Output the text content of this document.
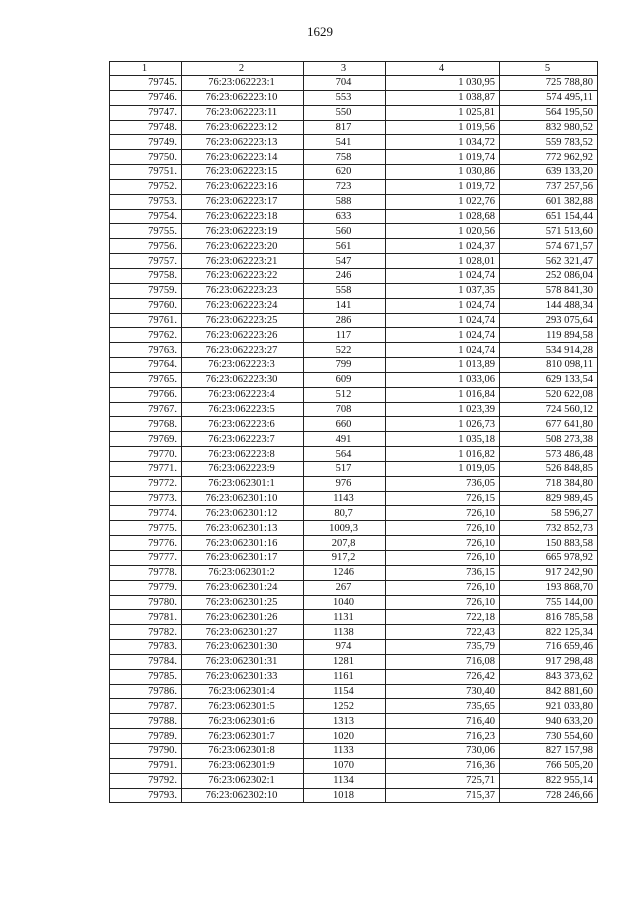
1629
1	2	3	4	5
79745.	76:23:062223:1	704	1 030,95	725 788,80
79746.	76:23:062223:10	553	1 038,87	574 495,11
79747.	76:23:062223:11	550	1 025,81	564 195,50
79748.	76:23:062223:12	817	1 019,56	832 980,52
79749.	76:23:062223:13	541	1 034,72	559 783,52
79750.	76:23:062223:14	758	1 019,74	772 962,92
79751.	76:23:062223:15	620	1 030,86	639 133,20
79752.	76:23:062223:16	723	1 019,72	737 257,56
79753.	76:23:062223:17	588	1 022,76	601 382,88
79754.	76:23:062223:18	633	1 028,68	651 154,44
79755.	76:23:062223:19	560	1 020,56	571 513,60
79756.	76:23:062223:20	561	1 024,37	574 671,57
79757.	76:23:062223:21	547	1 028,01	562 321,47
79758.	76:23:062223:22	246	1 024,74	252 086,04
79759.	76:23:062223:23	558	1 037,35	578 841,30
79760.	76:23:062223:24	141	1 024,74	144 488,34
79761.	76:23:062223:25	286	1 024,74	293 075,64
79762.	76:23:062223:26	117	1 024,74	119 894,58
79763.	76:23:062223:27	522	1 024,74	534 914,28
79764.	76:23:062223:3	799	1 013,89	810 098,11
79765.	76:23:062223:30	609	1 033,06	629 133,54
79766.	76:23:062223:4	512	1 016,84	520 622,08
79767.	76:23:062223:5	708	1 023,39	724 560,12
79768.	76:23:062223:6	660	1 026,73	677 641,80
79769.	76:23:062223:7	491	1 035,18	508 273,38
79770.	76:23:062223:8	564	1 016,82	573 486,48
79771.	76:23:062223:9	517	1 019,05	526 848,85
79772.	76:23:062301:1	976	736,05	718 384,80
79773.	76:23:062301:10	1143	726,15	829 989,45
79774.	76:23:062301:12	80,7	726,10	58 596,27
79775.	76:23:062301:13	1009,3	726,10	732 852,73
79776.	76:23:062301:16	207,8	726,10	150 883,58
79777.	76:23:062301:17	917,2	726,10	665 978,92
79778.	76:23:062301:2	1246	736,15	917 242,90
79779.	76:23:062301:24	267	726,10	193 868,70
79780.	76:23:062301:25	1040	726,10	755 144,00
79781.	76:23:062301:26	1131	722,18	816 785,58
79782.	76:23:062301:27	1138	722,43	822 125,34
79783.	76:23:062301:30	974	735,79	716 659,46
79784.	76:23:062301:31	1281	716,08	917 298,48
79785.	76:23:062301:33	1161	726,42	843 373,62
79786.	76:23:062301:4	1154	730,40	842 881,60
79787.	76:23:062301:5	1252	735,65	921 033,80
79788.	76:23:062301:6	1313	716,40	940 633,20
79789.	76:23:062301:7	1020	716,23	730 554,60
79790.	76:23:062301:8	1133	730,06	827 157,98
79791.	76:23:062301:9	1070	716,36	766 505,20
79792.	76:23:062302:1	1134	725,71	822 955,14
79793.	76:23:062302:10	1018	715,37	728 246,66
